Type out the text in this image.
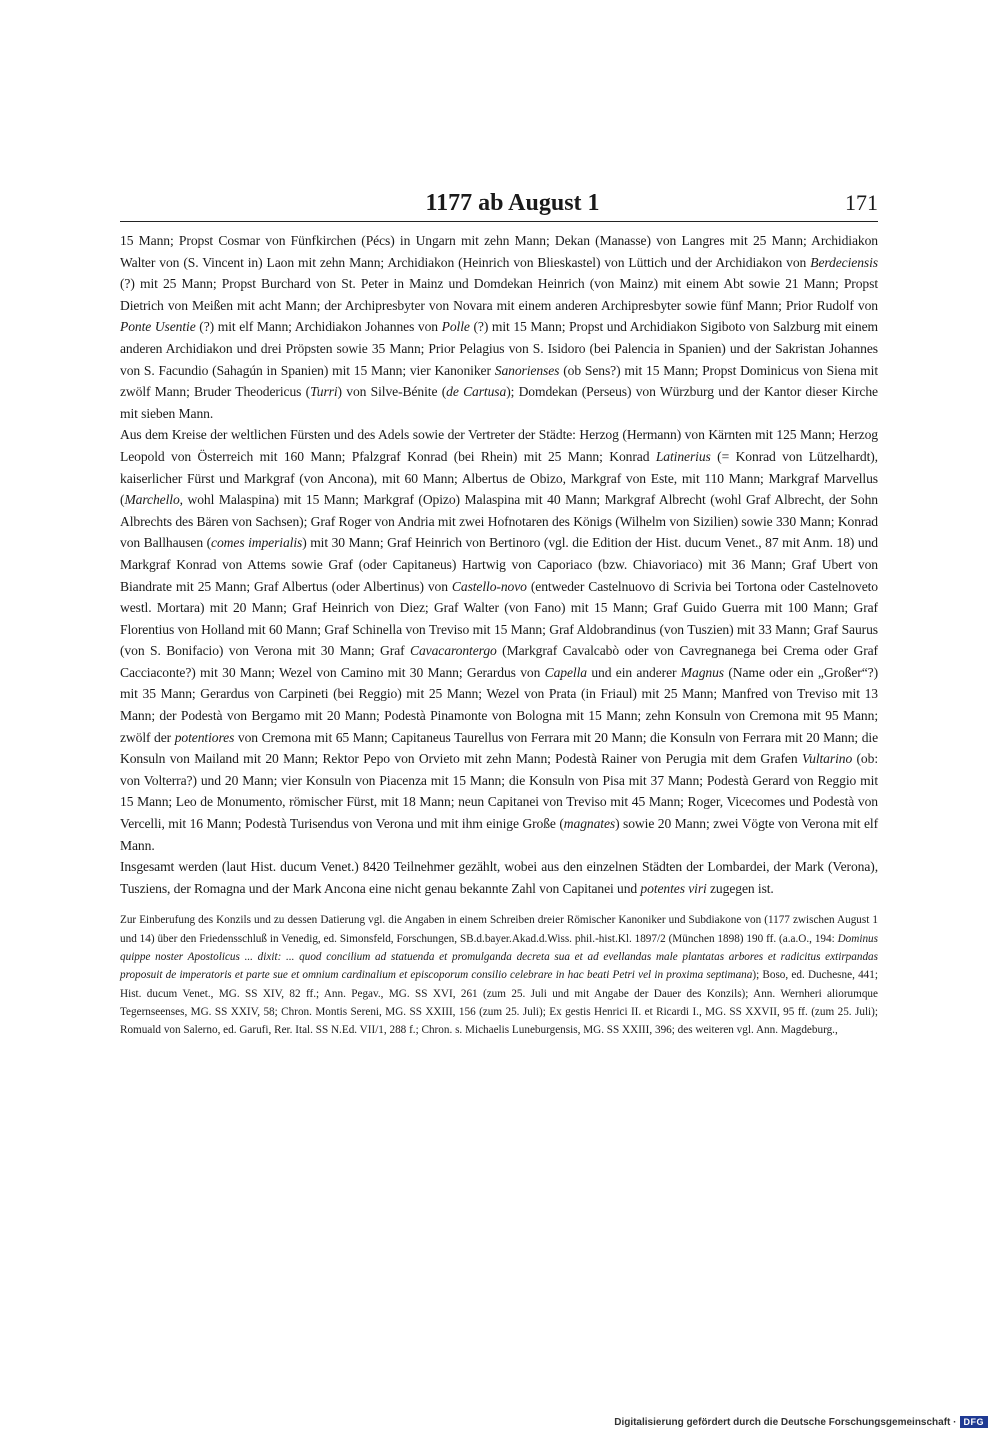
1177 ab August 1	171

15 Mann; Propst Cosmar von Fünfkirchen (Pécs) in Ungarn mit zehn Mann; Dekan (Manasse) von Langres mit 25 Mann; Archidiakon Walter von (S. Vincent in) Laon mit zehn Mann; Archidiakon (Heinrich von Blieskastel) von Lüttich und der Archidiakon von Berdeciensis (?) mit 25 Mann; Propst Burchard von St. Peter in Mainz und Domdekan Heinrich (von Mainz) mit einem Abt sowie 21 Mann; Propst Dietrich von Meißen mit acht Mann; der Archipresbyter von Novara mit einem anderen Archipresbyter sowie fünf Mann; Prior Rudolf von Ponte Usentie (?) mit elf Mann; Archidiakon Johannes von Polle (?) mit 15 Mann; Propst und Archidiakon Sigiboto von Salzburg mit einem anderen Archidiakon und drei Pröpsten sowie 35 Mann; Prior Pelagius von S. Isidoro (bei Palencia in Spanien) und der Sakristan Johannes von S. Facundio (Sahagún in Spanien) mit 15 Mann; vier Kanoniker Sanorienses (ob Sens?) mit 15 Mann; Propst Dominicus von Siena mit zwölf Mann; Bruder Theodericus (Turri) von Silve-Bénite (de Cartusa); Domdekan (Perseus) von Würzburg und der Kantor dieser Kirche mit sieben Mann.

Aus dem Kreise der weltlichen Fürsten und des Adels sowie der Vertreter der Städte: Herzog (Hermann) von Kärnten mit 125 Mann; Herzog Leopold von Österreich mit 160 Mann; Pfalzgraf Konrad (bei Rhein) mit 25 Mann; Konrad Latinerius (= Konrad von Lützelhardt), kaiserlicher Fürst und Markgraf (von Ancona), mit 60 Mann; Albertus de Obizo, Markgraf von Este, mit 110 Mann; Markgraf Marvellus (Marchello, wohl Malaspina) mit 15 Mann; Markgraf (Opizo) Malaspina mit 40 Mann; Markgraf Albrecht (wohl Graf Albrecht, der Sohn Albrechts des Bären von Sachsen); Graf Roger von Andria mit zwei Hofnotaren des Königs (Wilhelm von Sizilien) sowie 330 Mann; Konrad von Ballhausen (comes imperialis) mit 30 Mann; Graf Heinrich von Bertinoro (vgl. die Edition der Hist. ducum Venet., 87 mit Anm. 18) und Markgraf Konrad von Attems sowie Graf (oder Capitaneus) Hartwig von Caporiaco (bzw. Chiavoriaco) mit 36 Mann; Graf Ubert von Biandrate mit 25 Mann; Graf Albertus (oder Albertinus) von Castello-novo (entweder Castelnuovo di Scrivia bei Tortona oder Castelnoveto westl. Mortara) mit 20 Mann; Graf Heinrich von Diez; Graf Walter (von Fano) mit 15 Mann; Graf Guido Guerra mit 100 Mann; Graf Florentius von Holland mit 60 Mann; Graf Schinella von Treviso mit 15 Mann; Graf Aldobrandinus (von Tuszien) mit 33 Mann; Graf Saurus (von S. Bonifacio) von Verona mit 30 Mann; Graf Cavacarontergo (Markgraf Cavalcabò oder von Cavregnanega bei Crema oder Graf Cacciaconte?) mit 30 Mann; Wezel von Camino mit 30 Mann; Gerardus von Capella und ein anderer Magnus (Name oder ein „Großer“?) mit 35 Mann; Gerardus von Carpineti (bei Reggio) mit 25 Mann; Wezel von Prata (in Friaul) mit 25 Mann; Manfred von Treviso mit 13 Mann; der Podestà von Bergamo mit 20 Mann; Podestà Pinamonte von Bologna mit 15 Mann; zehn Konsuln von Cremona mit 95 Mann; zwölf der potentiores von Cremona mit 65 Mann; Capitaneus Taurellus von Ferrara mit 20 Mann; die Konsuln von Ferrara mit 20 Mann; die Konsuln von Mailand mit 20 Mann; Rektor Pepo von Orvieto mit zehn Mann; Podestà Rainer von Perugia mit dem Grafen Vultarino (ob: von Volterra?) und 20 Mann; vier Konsuln von Piacenza mit 15 Mann; die Konsuln von Pisa mit 37 Mann; Podestà Gerard von Reggio mit 15 Mann; Leo de Monumento, römischer Fürst, mit 18 Mann; neun Capitanei von Treviso mit 45 Mann; Roger, Vicecomes und Podestà von Vercelli, mit 16 Mann; Podestà Turisendus von Verona und mit ihm einige Große (magnates) sowie 20 Mann; zwei Vögte von Verona mit elf Mann.

Insgesamt werden (laut Hist. ducum Venet.) 8420 Teilnehmer gezählt, wobei aus den einzelnen Städten der Lombardei, der Mark (Verona), Tusziens, der Romagna und der Mark Ancona eine nicht genau bekannte Zahl von Capitanei und potentes viri zugegen ist.

Zur Einberufung des Konzils und zu dessen Datierung vgl. die Angaben in einem Schreiben dreier Römischer Kanoniker und Subdiakone von (1177 zwischen August 1 und 14) über den Friedensschluß in Venedig, ed. Simonsfeld, Forschungen, SB.d.bayer.Akad.d.Wiss. phil.-hist.Kl. 1897/2 (München 1898) 190 ff. (a.a.O., 194: Dominus quippe noster Apostolicus ... dixit: ... quod concilium ad statuenda et promulganda decreta sua et ad evellandas male plantatas arbores et radicitus extirpandas proposuit de imperatoris et parte sue et omnium cardinalium et episcoporum consilio celebrare in hac beati Petri vel in proxima septimana); Boso, ed. Duchesne, 441; Hist. ducum Venet., MG. SS XIV, 82 ff.; Ann. Pegav., MG. SS XVI, 261 (zum 25. Juli und mit Angabe der Dauer des Konzils); Ann. Wernheri aliorumque Tegernseenses, MG. SS XXIV, 58; Chron. Montis Sereni, MG. SS XXIII, 156 (zum 25. Juli); Ex gestis Henrici II. et Ricardi I., MG. SS XXVII, 95 ff. (zum 25. Juli); Romuald von Salerno, ed. Garufi, Rer. Ital. SS N.Ed. VII/1, 288 f.; Chron. s. Michaelis Luneburgensis, MG. SS XXIII, 396; des weiteren vgl. Ann. Magdeburg.,

Digitalisierung gefördert durch die Deutsche Forschungsgemeinschaft · DFG
